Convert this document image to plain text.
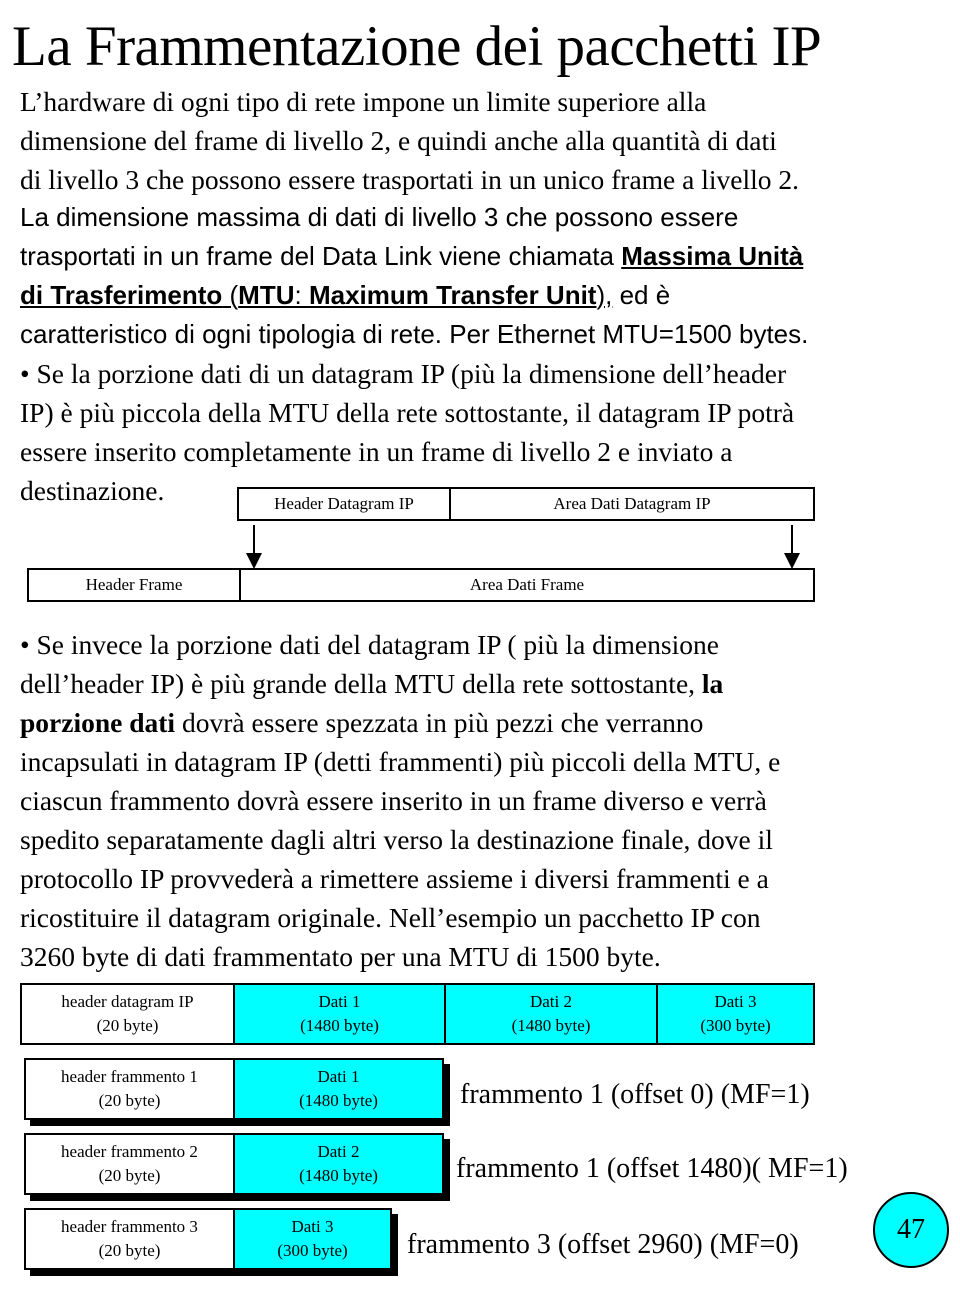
La Frammentazione dei pacchetti IP
L’hardware di ogni tipo di rete impone un limite superiore alla
dimensione del frame di livello 2, e quindi anche alla quantità di dati
di livello 3 che possono essere trasportati in un unico frame a livello 2.
La dimensione massima di dati di livello 3 che possono essere
trasportati in un frame del Data Link viene chiamata Massima Unità
di Trasferimento (MTU: Maximum Transfer Unit), ed è
caratteristico di ogni tipologia di rete. Per Ethernet MTU=1500 bytes.
• Se la porzione dati di un datagram IP (più la dimensione dell’header
IP) è più piccola della MTU della rete sottostante, il datagram IP potrà
essere inserito completamente in un frame di livello 2 e inviato a
destinazione.	Header Datagram IP	Area Dati Datagram IP
Header Frame	Area Dati Frame
• Se invece la porzione dati del datagram IP ( più la dimensione
dell’header IP) è più grande della MTU della rete sottostante, la
porzione dati dovrà essere spezzata in più pezzi che verranno
incapsulati in datagram IP (detti frammenti) più piccoli della MTU, e
ciascun frammento dovrà essere inserito in un frame diverso e verrà
spedito separatamente dagli altri verso la destinazione finale, dove il
protocollo IP provvederà a rimettere assieme i diversi frammenti e a
ricostituire il datagram originale. Nell’esempio un pacchetto IP con
3260 byte di dati frammentato per una MTU di 1500 byte.
header datagram IP
(20 byte)
Dati 1
(1480 byte)
Dati 2
(1480 byte)
Dati 3
(300 byte)
header frammento 1
(20 byte)
Dati 1
(1480 byte)	frammento 1 (offset 0) (MF=1)
header frammento 2
(20 byte)
Dati 2
(1480 byte)	frammento 1 (offset 1480)( MF=1)
header frammento 3
(20 byte)
Dati 3
(300 byte) frammento 3 (offset 2960) (MF=0)	47
